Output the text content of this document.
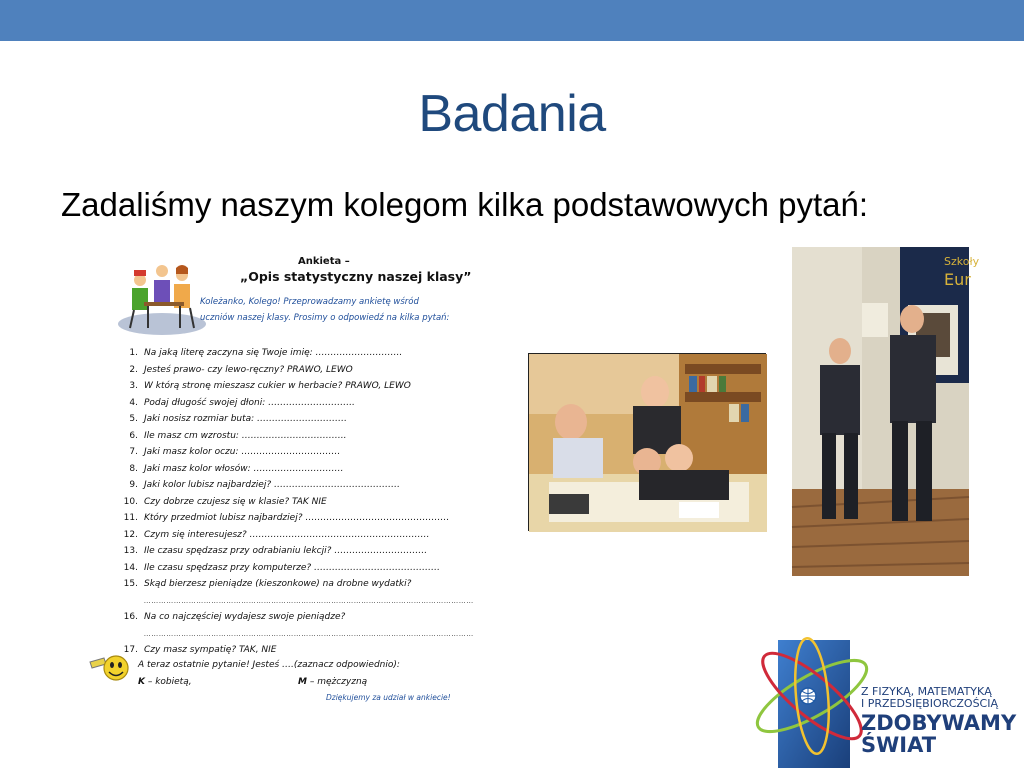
Badania
Zadaliśmy naszym kolegom kilka podstawowych pytań:
Ankieta –
„Opis statystyczny naszej klasy”
Koleżanko, Kolego! Przeprowadzamy ankietę wśród
uczniów naszej klasy. Prosimy o odpowiedź na kilka pytań:
1. Na jaką literę zaczyna się Twoje imię: ………………………..
2. Jesteś prawo- czy lewo-ręczny? PRAWO, LEWO
3. W którą stronę mieszasz cukier w herbacie? PRAWO, LEWO
4. Podaj długość swojej dłoni: ………………………..
5. Jaki nosisz rozmiar buta: …………………………
6. Ile masz cm wzrostu: ……………………………..
7. Jaki masz kolor oczu: ……………………………
8. Jaki masz kolor włosów: …………………………
9. Jaki kolor lubisz najbardziej? ……………………………………
10. Czy dobrze czujesz się w klasie? TAK NIE
11. Który przedmiot lubisz najbardziej? …………………………………………
12. Czym się interesujesz? ……………………………………………………
13. Ile czasu spędzasz przy odrabianiu lekcji? ………………………….
14. Ile czasu spędzasz przy komputerze? ……………………………………
15. Skąd bierzesz pieniądze (kieszonkowe) na drobne wydatki?
……………………………………………………………………………………………………………………
16. Na co najczęściej wydajesz swoje pieniądze?
……………………………………………………………………………………………………………………
17. Czy masz sympatię? TAK, NIE
A teraz ostatnie pytanie! Jesteś ….(zaznacz odpowiednio):
K – kobietą,	M – mężczyzną
Dziękujemy za udział w ankiecie!
Szkoły
Eur
Z FIZYKĄ, MATEMATYKĄ
I PRZEDSIĘBIORCZOŚCIĄ
ZDOBYWAMY
ŚWIAT
